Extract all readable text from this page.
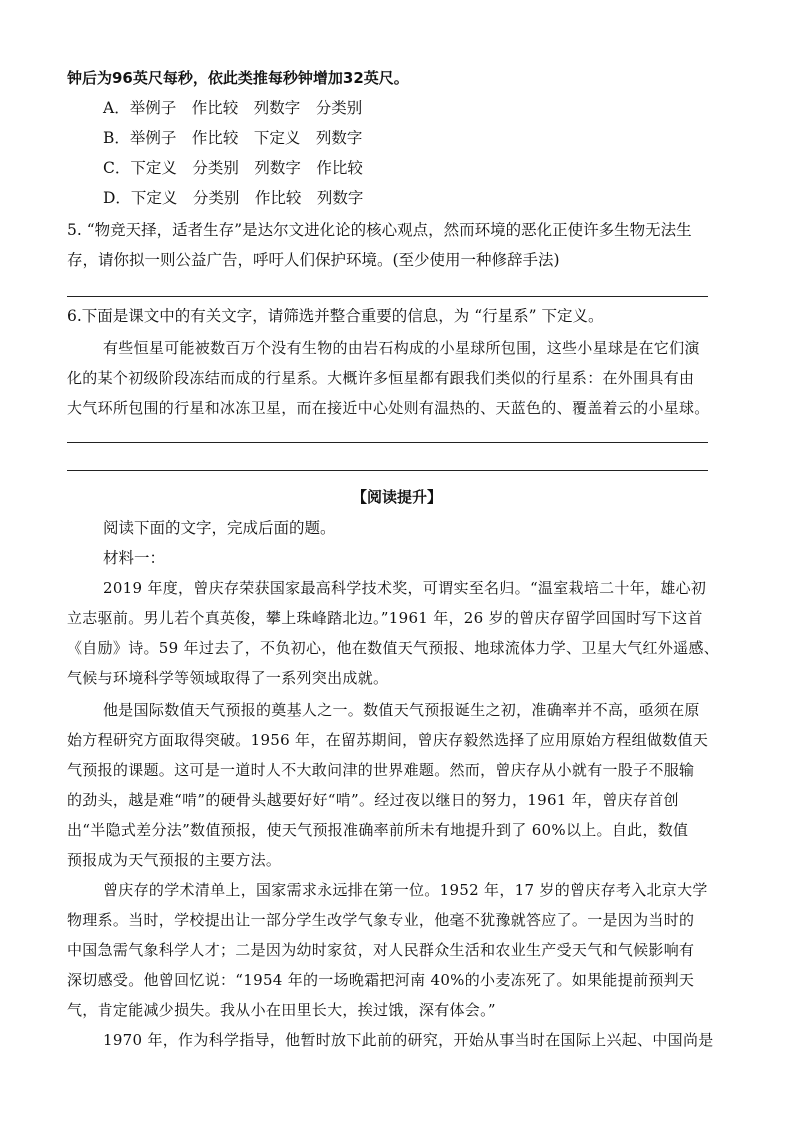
钟后为96英尺每秒，依此类推每秒钟增加32英尺。
A．举例子　作比较　列数字　分类别
B．举例子　作比较　下定义　列数字
C．下定义　分类别　列数字　作比较
D．下定义　分类别　作比较　列数字
5. “物竞天择，适者生存”是达尔文进化论的核心观点，然而环境的恶化正使许多生物无法生
存，请你拟一则公益广告，呼吁人们保护环境。(至少使用一种修辞手法)
6.下面是课文中的有关文字，请筛选并整合重要的信息，为 “行星系” 下定义。
有些恒星可能被数百万个没有生物的由岩石构成的小星球所包围，这些小星球是在它们演
化的某个初级阶段冻结而成的行星系。大概许多恒星都有跟我们类似的行星系：在外围具有由
大气环所包围的行星和冰冻卫星，而在接近中心处则有温热的、天蓝色的、覆盖着云的小星球。
【阅读提升】
阅读下面的文字，完成后面的题。
材料一：
2019 年度，曾庆存荣获国家最高科学技术奖，可谓实至名归。“温室栽培二十年，雄心初
立志驱前。男儿若个真英俊，攀上珠峰踏北边。”1961 年，26 岁的曾庆存留学回国时写下这首
《自励》诗。59 年过去了，不负初心，他在数值天气预报、地球流体力学、卫星大气红外遥感、
气候与环境科学等领域取得了一系列突出成就。
他是国际数值天气预报的奠基人之一。数值天气预报诞生之初，准确率并不高，亟须在原
始方程研究方面取得突破。1956 年，在留苏期间，曾庆存毅然选择了应用原始方程组做数值天
气预报的课题。这可是一道时人不大敢问津的世界难题。然而，曾庆存从小就有一股子不服输
的劲头，越是难“啃”的硬骨头越要好好“啃”。经过夜以继日的努力，1961 年，曾庆存首创
出“半隐式差分法”数值预报，使天气预报准确率前所未有地提升到了 60%以上。自此，数值
预报成为天气预报的主要方法。
曾庆存的学术清单上，国家需求永远排在第一位。1952 年，17 岁的曾庆存考入北京大学
物理系。当时，学校提出让一部分学生改学气象专业，他毫不犹豫就答应了。一是因为当时的
中国急需气象科学人才；二是因为幼时家贫，对人民群众生活和农业生产受天气和气候影响有
深切感受。他曾回忆说：“1954 年的一场晚霜把河南 40%的小麦冻死了。如果能提前预判天
气，肯定能减少损失。我从小在田里长大，挨过饿，深有体会。”
1970 年，作为科学指导，他暂时放下此前的研究，开始从事当时在国际上兴起、中国尚是
